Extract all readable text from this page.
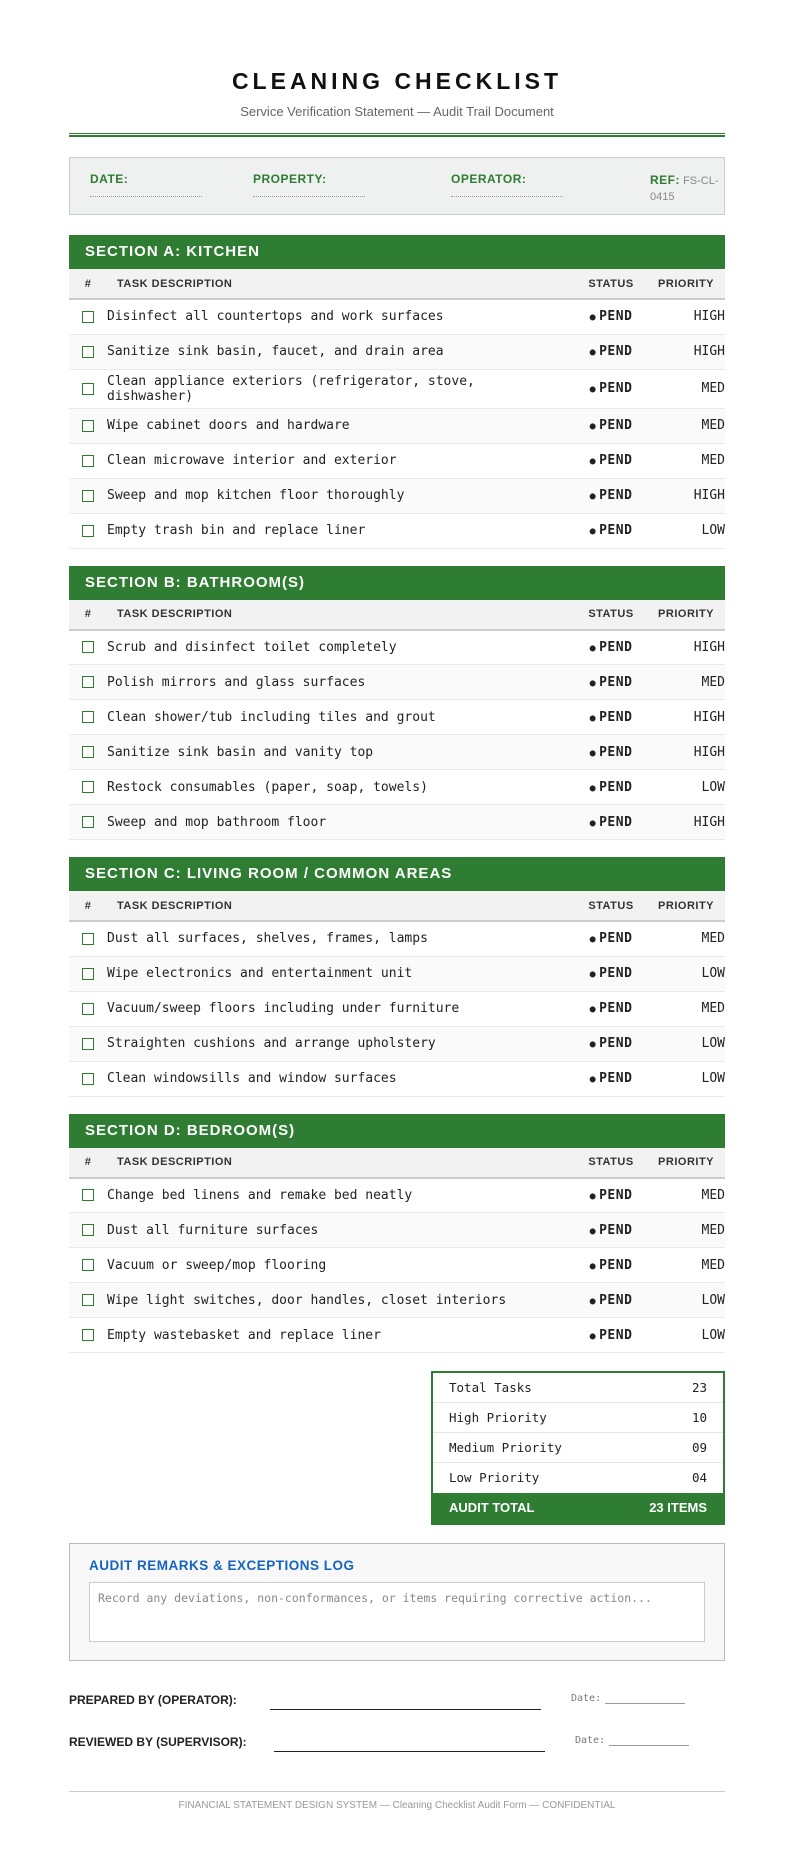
CLEANING CHECKLIST
Service Verification Statement — Audit Trail Document
DATE:	PROPERTY:	OPERATOR:	REF: FS-CL-0415
SECTION A: KITCHEN
#	TASK DESCRIPTION	STATUS	PRIORITY
	Disinfect all countertops and work surfaces	● PEND	HIGH
	Sanitize sink basin, faucet, and drain area	● PEND	HIGH
	Clean appliance exteriors (refrigerator, stove, dishwasher)	● PEND	MED
	Wipe cabinet doors and hardware	● PEND	MED
	Clean microwave interior and exterior	● PEND	MED
	Sweep and mop kitchen floor thoroughly	● PEND	HIGH
	Empty trash bin and replace liner	● PEND	LOW
SECTION B: BATHROOM(S)
#	TASK DESCRIPTION	STATUS	PRIORITY
	Scrub and disinfect toilet completely	● PEND	HIGH
	Polish mirrors and glass surfaces	● PEND	MED
	Clean shower/tub including tiles and grout	● PEND	HIGH
	Sanitize sink basin and vanity top	● PEND	HIGH
	Restock consumables (paper, soap, towels)	● PEND	LOW
	Sweep and mop bathroom floor	● PEND	HIGH
SECTION C: LIVING ROOM / COMMON AREAS
#	TASK DESCRIPTION	STATUS	PRIORITY
	Dust all surfaces, shelves, frames, lamps	● PEND	MED
	Wipe electronics and entertainment unit	● PEND	LOW
	Vacuum/sweep floors including under furniture	● PEND	MED
	Straighten cushions and arrange upholstery	● PEND	LOW
	Clean windowsills and window surfaces	● PEND	LOW
SECTION D: BEDROOM(S)
#	TASK DESCRIPTION	STATUS	PRIORITY
	Change bed linens and remake bed neatly	● PEND	MED
	Dust all furniture surfaces	● PEND	MED
	Vacuum or sweep/mop flooring	● PEND	MED
	Wipe light switches, door handles, closet interiors	● PEND	LOW
	Empty wastebasket and replace liner	● PEND	LOW
Total Tasks	23
High Priority	10
Medium Priority	09
Low Priority	04
AUDIT TOTAL	23 ITEMS
AUDIT REMARKS & EXCEPTIONS LOG
Record any deviations, non-conformances, or items requiring corrective action...
PREPARED BY (OPERATOR):	Date:
REVIEWED BY (SUPERVISOR):	Date:
FINANCIAL STATEMENT DESIGN SYSTEM — Cleaning Checklist Audit Form — CONFIDENTIAL
